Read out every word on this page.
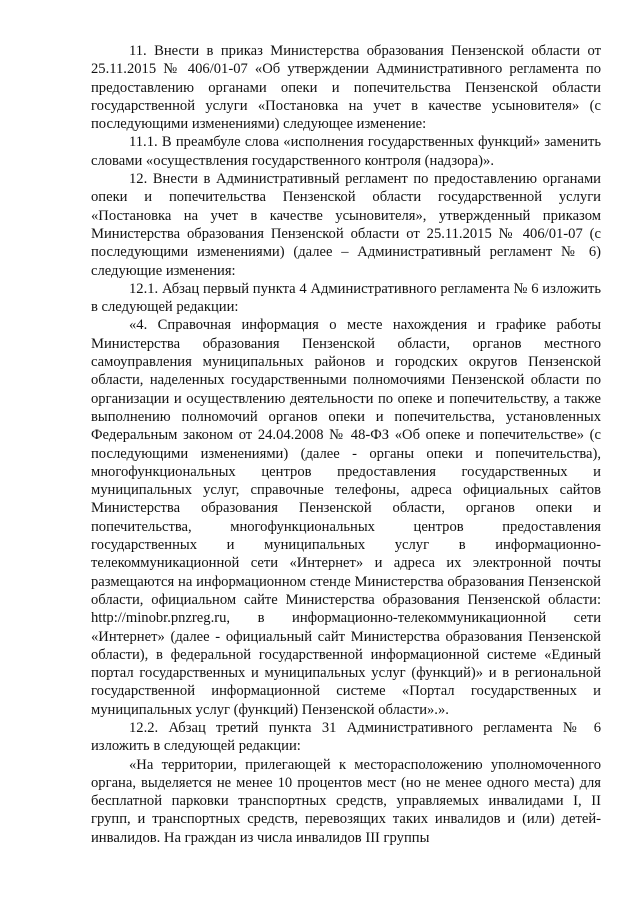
11. Внести в приказ Министерства образования Пензенской области от 25.11.2015 № 406/01-07 «Об утверждении Административного регламента по предоставлению органами опеки и попечительства Пензенской области государственной услуги «Постановка на учет в качестве усыновителя» (с последующими изменениями) следующее изменение:

11.1. В преамбуле слова «исполнения государственных функций» заменить словами «осуществления государственного контроля (надзора)».

12. Внести в Административный регламент по предоставлению органами опеки и попечительства Пензенской области государственной услуги «Постановка на учет в качестве усыновителя», утвержденный приказом Министерства образования Пензенской области от 25.11.2015 № 406/01-07 (с последующими изменениями) (далее – Административный регламент № 6) следующие изменения:

12.1. Абзац первый пункта 4 Административного регламента № 6 изложить в следующей редакции:

«4. Справочная информация о месте нахождения и графике работы Министерства образования Пензенской области, органов местного самоуправления муниципальных районов и городских округов Пензенской области, наделенных государственными полномочиями Пензенской области по организации и осуществлению деятельности по опеке и попечительству, а также выполнению полномочий органов опеки и попечительства, установленных Федеральным законом от 24.04.2008 № 48-ФЗ «Об опеке и попечительстве» (с последующими изменениями) (далее - органы опеки и попечительства), многофункциональных центров предоставления государственных и муниципальных услуг, справочные телефоны, адреса официальных сайтов Министерства образования Пензенской области, органов опеки и попечительства, многофункциональных центров предоставления государственных и муниципальных услуг в информационно-телекоммуникационной сети «Интернет» и адреса их электронной почты размещаются на информационном стенде Министерства образования Пензенской области, официальном сайте Министерства образования Пензенской области: http://minobr.pnzreg.ru, в информационно-телекоммуникационной сети «Интернет» (далее - официальный сайт Министерства образования Пензенской области), в федеральной государственной информационной системе «Единый портал государственных и муниципальных услуг (функций)» и в региональной государственной информационной системе «Портал государственных и муниципальных услуг (функций) Пензенской области».».

12.2. Абзац третий пункта 31 Административного регламента № 6 изложить в следующей редакции:

«На территории, прилегающей к месторасположению уполномоченного органа, выделяется не менее 10 процентов мест (но не менее одного места) для бесплатной парковки транспортных средств, управляемых инвалидами I, II групп, и транспортных средств, перевозящих таких инвалидов и (или) детей-инвалидов. На граждан из числа инвалидов III группы
